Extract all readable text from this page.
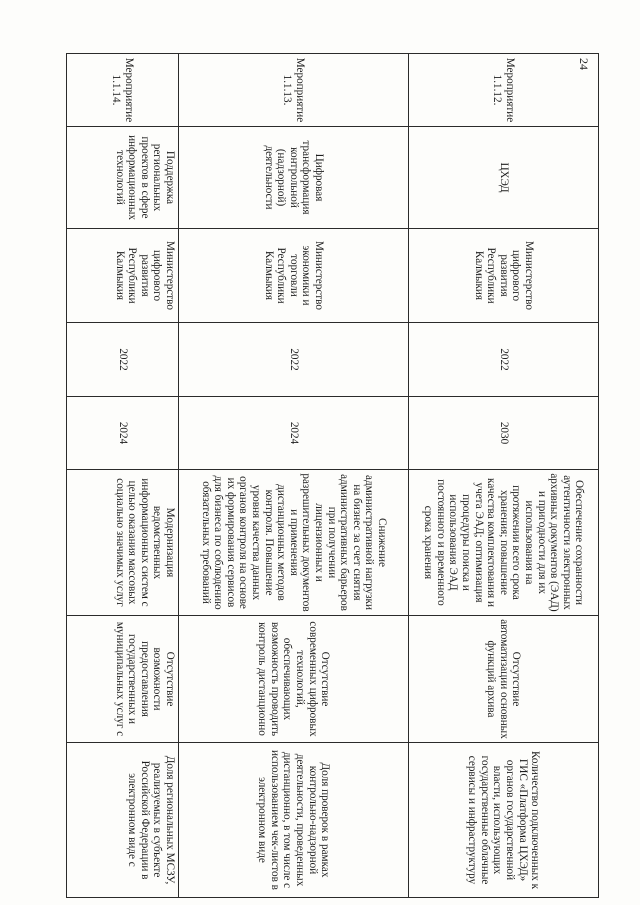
24
Мероприятие 1.1.12.	ЦХЭД	Министерство цифрового развития Республики Калмыкия	2022	2030	Обеспечение сохранности аутентичности электронных архивных документов (ЭАД) и пригодности для их использования на протяжении всего срока хранения; повышение качества комплектования и учета ЭАД; оптимизация процедуры поиска и использования ЭАД постоянного и временного срока хранения	Отсутствие автоматизации основных функций архива	Количество подключенных к ГИС «Платформа ЦХЭД» органов государственной власти, использующих государственные облачные сервисы и инфраструктуру
Мероприятие 1.1.13.	Цифровая трансформация контрольной (надзорной) деятельности	Министерство экономики и торговли Республики Калмыкия	2022	2024	Снижение административной нагрузки на бизнес за счет снятия административных барьеров при получении лицензионных и разрешительных документов и применения дистанционных методов контроля. Повышение уровня качества данных органов контроля на основе их формирования сервисов для бизнеса по соблюдению обязательных требований	Отсутствие современных цифровых технологий, обеспечивающих возможность проводить контроль дистанционно	Доля проверок в рамках контрольно-надзорной деятельности, проведенных дистанционно, в том числе с использованием чек-листов в электронном виде
Мероприятие 1.1.14.	Поддержка региональных проектов в сфере информационных технологий	Министерство цифрового развития Республики Калмыкия	2022	2024	Модернизация ведомственных информационных систем с целью оказания массовых социально значимых услуг	Отсутствие возможности предоставления государственных и муниципальных услуг с	Доля региональных МСЗУ, реализуемых в субъекте Российской Федерации в электронном виде с
